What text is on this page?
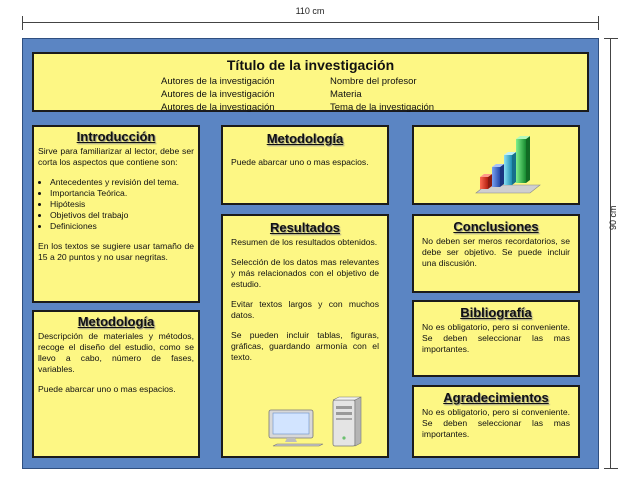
110 cm
90 cm
Título de la investigación
Autores de la investigación
Autores de la investigación
Autores de la investigación
Nombre del profesor
Materia
Tema de la investigación
Introducción

Sirve para familiarizar al lector, debe ser corta los aspectos que contiene son:

• Antecedentes y revisión del tema.
• Importancia Teórica.
• Hipótesis
• Objetivos del trabajo
• Definiciones

En los textos se sugiere usar tamaño de 15 a 20 puntos y no usar negritas.

Metodología

Descripción de materiales y métodos, recoge el diseño del estudio, como se llevo a cabo, número de fases, variables.

Puede abarcar uno o mas espacios.

Metodología

Puede abarcar uno o mas espacios.

Resultados

Resumen de los resultados obtenidos.

Selección de los datos mas relevantes y más relacionados con el objetivo de estudio.

Evitar textos largos y con muchos datos.

Se pueden incluir tablas, figuras, gráficas, guardando armonía con el texto.

Conclusiones

No deben ser meros recordatorios, se debe ser objetivo. Se puede incluir una discusión.

Bibliografía

No es obligatorio, pero si conveniente. Se deben seleccionar las mas importantes.

Agradecimientos

No es obligatorio, pero si conveniente. Se deben seleccionar las mas importantes.
